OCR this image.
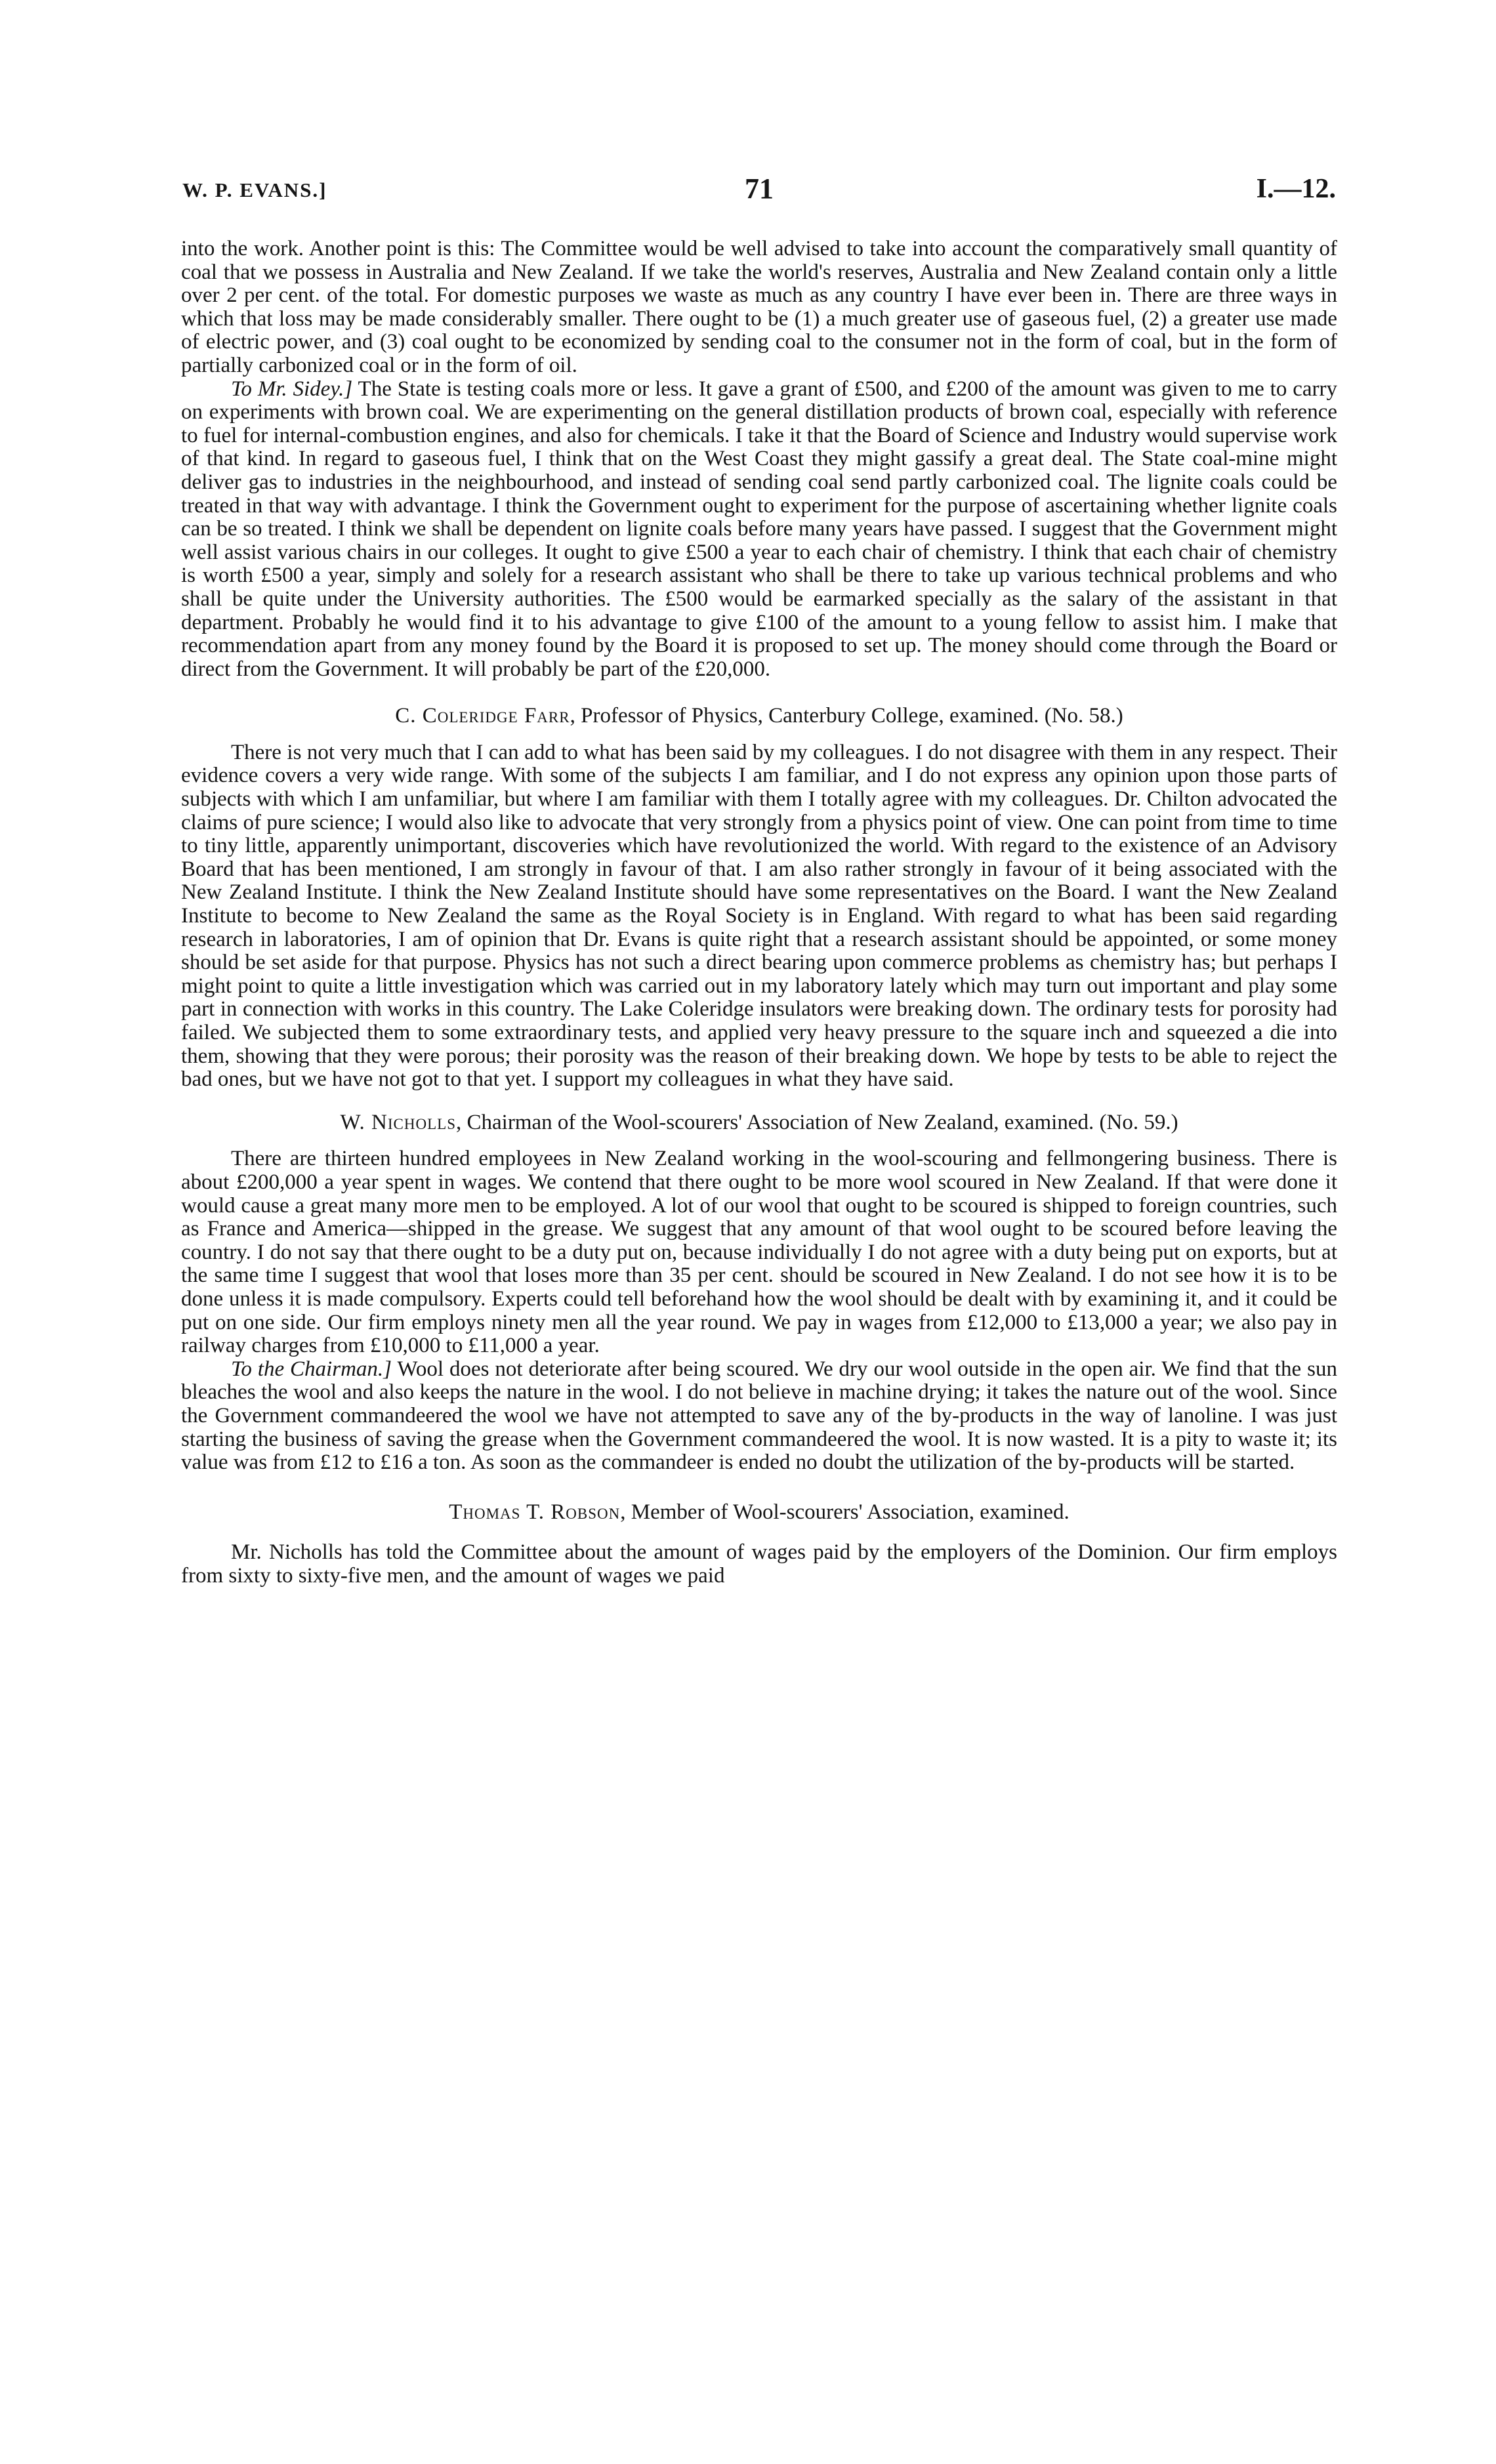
W. P. EVANS.]	71	I.—12.

into the work. Another point is this: The Committee would be well advised to take into account the comparatively small quantity of coal that we possess in Australia and New Zealand. If we take the world's reserves, Australia and New Zealand contain only a little over 2 per cent. of the total. For domestic purposes we waste as much as any country I have ever been in. There are three ways in which that loss may be made considerably smaller. There ought to be (1) a much greater use of gaseous fuel, (2) a greater use made of electric power, and (3) coal ought to be economized by sending coal to the consumer not in the form of coal, but in the form of partially carbonized coal or in the form of oil.

To Mr. Sidey.] The State is testing coals more or less. It gave a grant of £500, and £200 of the amount was given to me to carry on experiments with brown coal. We are experimenting on the general distillation products of brown coal, especially with reference to fuel for internal-combustion engines, and also for chemicals. I take it that the Board of Science and Industry would supervise work of that kind. In regard to gaseous fuel, I think that on the West Coast they might gassify a great deal. The State coal-mine might deliver gas to industries in the neighbourhood, and instead of sending coal send partly carbonized coal. The lignite coals could be treated in that way with advantage. I think the Government ought to experiment for the purpose of ascertaining whether lignite coals can be so treated. I think we shall be dependent on lignite coals before many years have passed. I suggest that the Government might well assist various chairs in our colleges. It ought to give £500 a year to each chair of chemistry. I think that each chair of chemistry is worth £500 a year, simply and solely for a research assistant who shall be there to take up various technical problems and who shall be quite under the University authorities. The £500 would be earmarked specially as the salary of the assistant in that department. Probably he would find it to his advantage to give £100 of the amount to a young fellow to assist him. I make that recommendation apart from any money found by the Board it is proposed to set up. The money should come through the Board or direct from the Government. It will probably be part of the £20,000.

C. Coleridge Farr, Professor of Physics, Canterbury College, examined. (No. 58.)

There is not very much that I can add to what has been said by my colleagues. I do not disagree with them in any respect. Their evidence covers a very wide range. With some of the subjects I am familiar, and I do not express any opinion upon those parts of subjects with which I am unfamiliar, but where I am familiar with them I totally agree with my colleagues. Dr. Chilton advocated the claims of pure science; I would also like to advocate that very strongly from a physics point of view. One can point from time to time to tiny little, apparently unimportant, discoveries which have revolutionized the world. With regard to the existence of an Advisory Board that has been mentioned, I am strongly in favour of that. I am also rather strongly in favour of it being associated with the New Zealand Institute. I think the New Zealand Institute should have some representatives on the Board. I want the New Zealand Institute to become to New Zealand the same as the Royal Society is in England. With regard to what has been said regarding research in laboratories, I am of opinion that Dr. Evans is quite right that a research assistant should be appointed, or some money should be set aside for that purpose. Physics has not such a direct bearing upon commerce problems as chemistry has; but perhaps I might point to quite a little investigation which was carried out in my laboratory lately which may turn out important and play some part in connection with works in this country. The Lake Coleridge insulators were breaking down. The ordinary tests for porosity had failed. We subjected them to some extraordinary tests, and applied very heavy pressure to the square inch and squeezed a die into them, showing that they were porous; their porosity was the reason of their breaking down. We hope by tests to be able to reject the bad ones, but we have not got to that yet. I support my colleagues in what they have said.

W. Nicholls, Chairman of the Wool-scourers' Association of New Zealand, examined. (No. 59.)

There are thirteen hundred employees in New Zealand working in the wool-scouring and fellmongering business. There is about £200,000 a year spent in wages. We contend that there ought to be more wool scoured in New Zealand. If that were done it would cause a great many more men to be employed. A lot of our wool that ought to be scoured is shipped to foreign countries, such as France and America—shipped in the grease. We suggest that any amount of that wool ought to be scoured before leaving the country. I do not say that there ought to be a duty put on, because individually I do not agree with a duty being put on exports, but at the same time I suggest that wool that loses more than 35 per cent. should be scoured in New Zealand. I do not see how it is to be done unless it is made compulsory. Experts could tell beforehand how the wool should be dealt with by examining it, and it could be put on one side. Our firm employs ninety men all the year round. We pay in wages from £12,000 to £13,000 a year; we also pay in railway charges from £10,000 to £11,000 a year.

To the Chairman.] Wool does not deteriorate after being scoured. We dry our wool outside in the open air. We find that the sun bleaches the wool and also keeps the nature in the wool. I do not believe in machine drying; it takes the nature out of the wool. Since the Government commandeered the wool we have not attempted to save any of the by-products in the way of lanoline. I was just starting the business of saving the grease when the Government commandeered the wool. It is now wasted. It is a pity to waste it; its value was from £12 to £16 a ton. As soon as the commandeer is ended no doubt the utilization of the by-products will be started.

Thomas T. Robson, Member of Wool-scourers' Association, examined.

Mr. Nicholls has told the Committee about the amount of wages paid by the employers of the Dominion. Our firm employs from sixty to sixty-five men, and the amount of wages we paid
